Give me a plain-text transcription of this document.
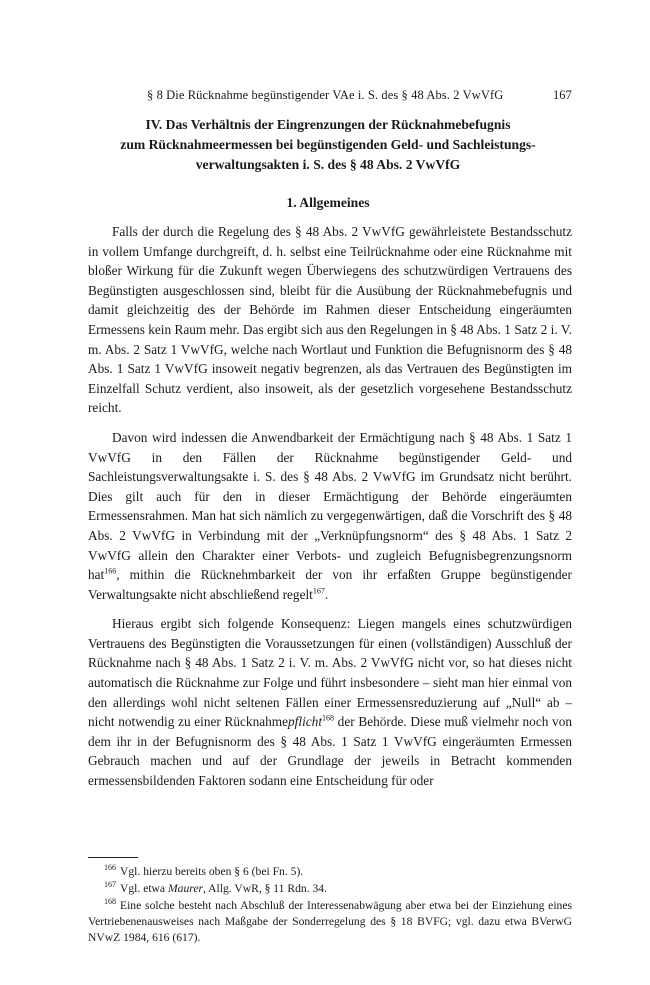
§ 8 Die Rücknahme begünstigender VAe i. S. des § 48 Abs. 2 VwVfG	167
IV. Das Verhältnis der Eingrenzungen der Rücknahmebefugnis
zum Rücknahmeermessen bei begünstigenden Geld- und Sachleistungs-
verwaltungsakten i. S. des § 48 Abs. 2 VwVfG
1. Allgemeines

Falls der durch die Regelung des § 48 Abs. 2 VwVfG gewährleistete Bestandsschutz in vollem Umfange durchgreift, d. h. selbst eine Teilrücknahme oder eine Rücknahme mit bloßer Wirkung für die Zukunft wegen Überwiegens des schutzwürdigen Vertrauens des Begünstigten ausgeschlossen sind, bleibt für die Ausübung der Rücknahmebefugnis und damit gleichzeitig des der Behörde im Rahmen dieser Entscheidung eingeräumten Ermessens kein Raum mehr. Das ergibt sich aus den Regelungen in § 48 Abs. 1 Satz 2 i. V. m. Abs. 2 Satz 1 VwVfG, welche nach Wortlaut und Funktion die Befugnisnorm des § 48 Abs. 1 Satz 1 VwVfG insoweit negativ begrenzen, als das Vertrauen des Begünstigten im Einzelfall Schutz verdient, also insoweit, als der gesetzlich vorgesehene Bestandsschutz reicht.

Davon wird indessen die Anwendbarkeit der Ermächtigung nach § 48 Abs. 1 Satz 1 VwVfG in den Fällen der Rücknahme begünstigender Geld- und Sachleistungsverwaltungsakte i. S. des § 48 Abs. 2 VwVfG im Grundsatz nicht berührt. Dies gilt auch für den in dieser Ermächtigung der Behörde eingeräumten Ermessensrahmen. Man hat sich nämlich zu vergegenwärtigen, daß die Vorschrift des § 48 Abs. 2 VwVfG in Verbindung mit der „Verknüpfungsnorm“ des § 48 Abs. 1 Satz 2 VwVfG allein den Charakter einer Verbots- und zugleich Befugnisbegrenzungsnorm hat$^{166}$, mithin die Rücknehmbarkeit der von ihr erfaßten Gruppe begünstigender Verwaltungsakte nicht abschließend regelt$^{167}$.

Hieraus ergibt sich folgende Konsequenz: Liegen mangels eines schutzwürdigen Vertrauens des Begünstigten die Voraussetzungen für einen (vollständigen) Ausschluß der Rücknahme nach § 48 Abs. 1 Satz 2 i. V. m. Abs. 2 VwVfG nicht vor, so hat dieses nicht automatisch die Rücknahme zur Folge und führt insbesondere – sieht man hier einmal von den allerdings wohl nicht seltenen Fällen einer Ermessensreduzierung auf „Null“ ab – nicht notwendig zu einer Rücknahmepflicht$^{168}$ der Behörde. Diese muß vielmehr noch von dem ihr in der Befugnisnorm des § 48 Abs. 1 Satz 1 VwVfG eingeräumten Ermessen Gebrauch machen und auf der Grundlage der jeweils in Betracht kommenden ermessensbildenden Faktoren sodann eine Entscheidung für oder

$^{166}$ Vgl. hierzu bereits oben § 6 (bei Fn. 5).
$^{167}$ Vgl. etwa Maurer, Allg. VwR, § 11 Rdn. 34.
$^{168}$ Eine solche besteht nach Abschluß der Interessenabwägung aber etwa bei der Einziehung eines Vertriebenenausweises nach Maßgabe der Sonderregelung des § 18 BVFG; vgl. dazu etwa BVerwG NVwZ 1984, 616 (617).
